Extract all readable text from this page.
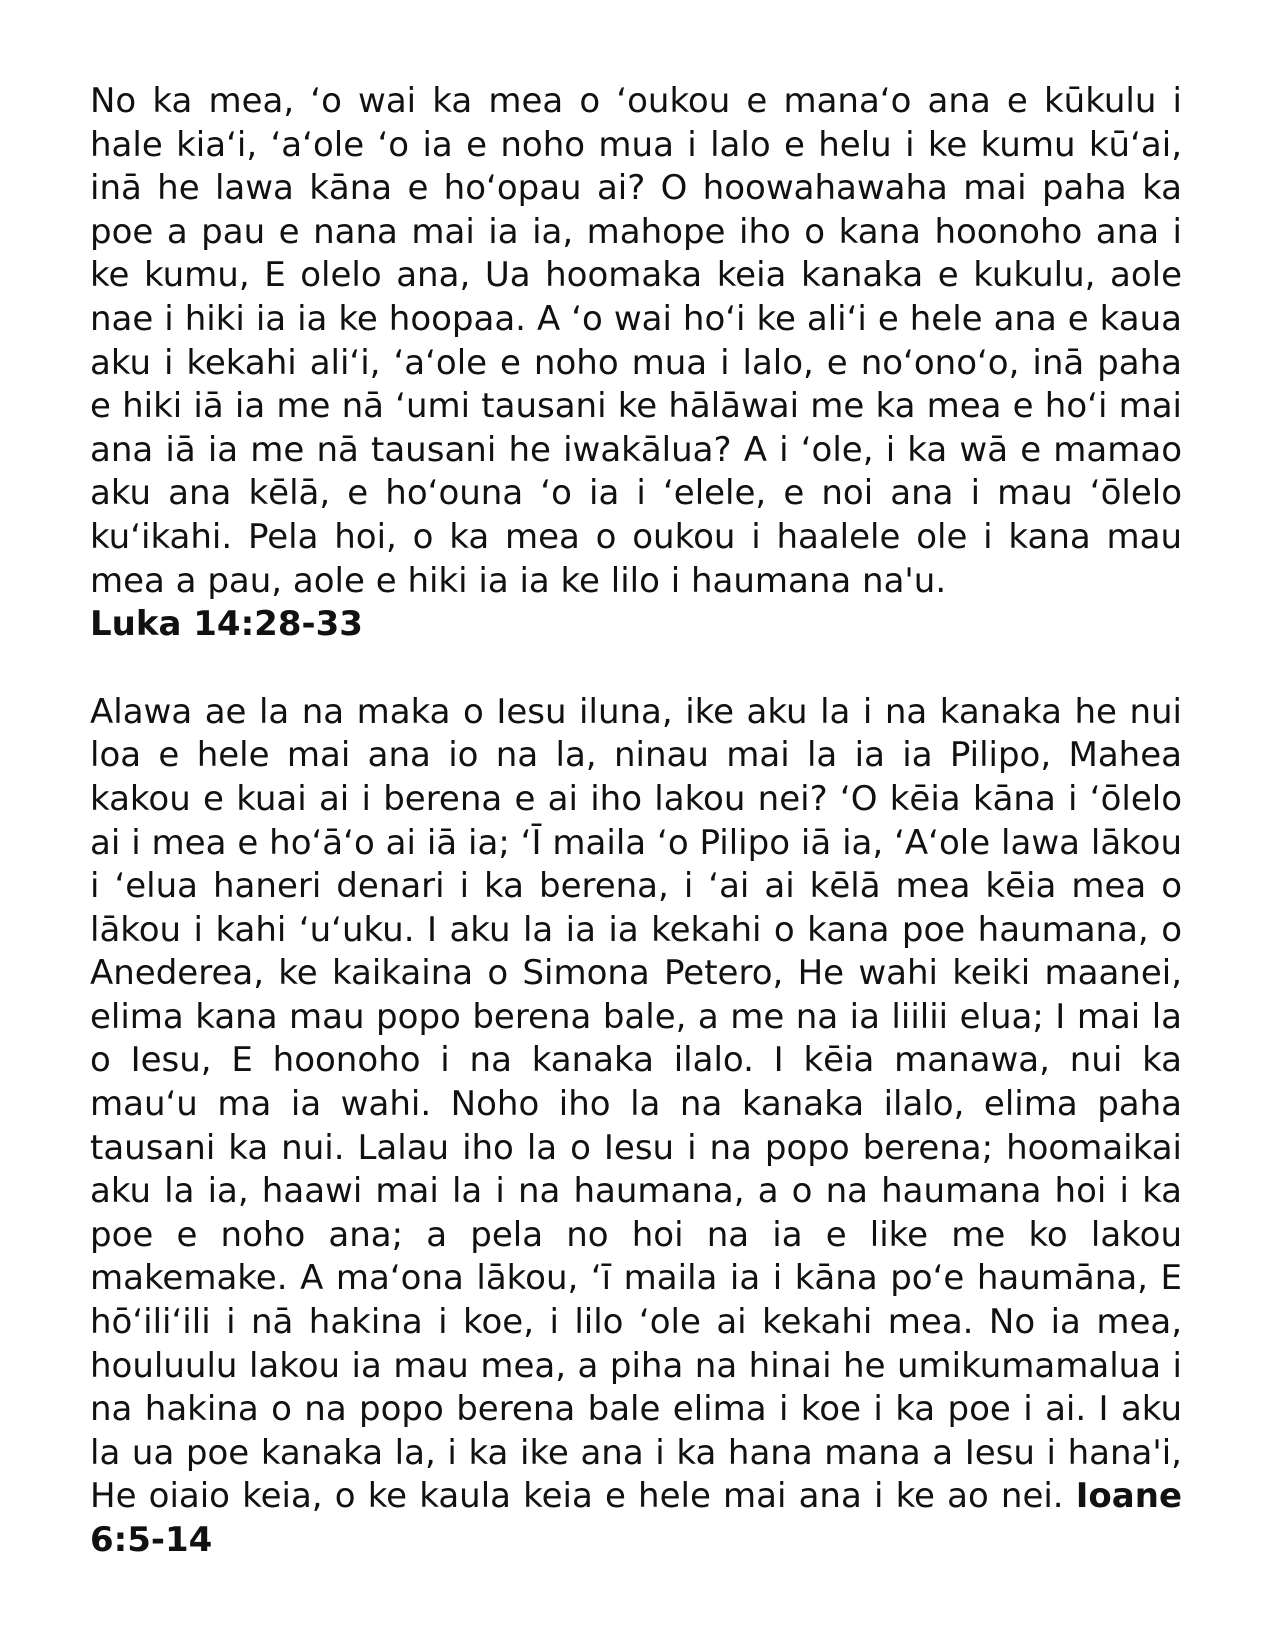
No ka mea, ‘o wai ka mea o ‘oukou e mana‘o ana e kūkulu i hale kia‘i, ‘a‘ole ‘o ia e noho mua i lalo e helu i ke kumu kū‘ai, inā he lawa kāna e ho‘opau ai? O hoowahawaha mai paha ka poe a pau e nana mai ia ia, mahope iho o kana hoonoho ana i ke kumu, E olelo ana, Ua hoomaka keia kanaka e kukulu, aole nae i hiki ia ia ke hoopaa. A ‘o wai ho‘i ke ali‘i e hele ana e kaua aku i kekahi ali‘i, ‘a‘ole e noho mua i lalo, e no‘ono‘o, inā paha e hiki iā ia me nā ‘umi tausani ke hālāwai me ka mea e ho‘i mai ana iā ia me nā tausani he iwakālua? A i ‘ole, i ka wā e mamao aku ana kēlā, e ho‘ouna ‘o ia i ‘elele, e noi ana i mau ‘ōlelo ku‘ikahi. Pela hoi, o ka mea o oukou i haalele ole i kana mau mea a pau, aole e hiki ia ia ke lilo i haumana na'u.
Luka 14:28-33

Alawa ae la na maka o Iesu iluna, ike aku la i na kanaka he nui loa e hele mai ana io na la, ninau mai la ia ia Pilipo, Mahea kakou e kuai ai i berena e ai iho lakou nei? ‘O kēia kāna i ‘ōlelo ai i mea e ho‘ā‘o ai iā ia; ‘Ī maila ‘o Pilipo iā ia, ‘A‘ole lawa lākou i ‘elua haneri denari i ka berena, i ‘ai ai kēlā mea kēia mea o lākou i kahi ‘u‘uku. I aku la ia ia kekahi o kana poe haumana, o Anederea, ke kaikaina o Simona Petero, He wahi keiki maanei, elima kana mau popo berena bale, a me na ia liilii elua; I mai la o Iesu, E hoonoho i na kanaka ilalo. I kēia manawa, nui ka mau‘u ma ia wahi. Noho iho la na kanaka ilalo, elima paha tausani ka nui. Lalau iho la o Iesu i na popo berena; hoomaikai aku la ia, haawi mai la i na haumana, a o na haumana hoi i ka poe e noho ana; a pela no hoi na ia e like me ko lakou makemake. A ma‘ona lākou, ‘ī maila ia i kāna po‘e haumāna, E hō‘ili‘ili i nā hakina i koe, i lilo ‘ole ai kekahi mea. No ia mea, houluulu lakou ia mau mea, a piha na hinai he umikumamalua i na hakina o na popo berena bale elima i koe i ka poe i ai. I aku la ua poe kanaka la, i ka ike ana i ka hana mana a Iesu i hana'i, He oiaio keia, o ke kaula keia e hele mai ana i ke ao nei. Ioane 6:5-14
